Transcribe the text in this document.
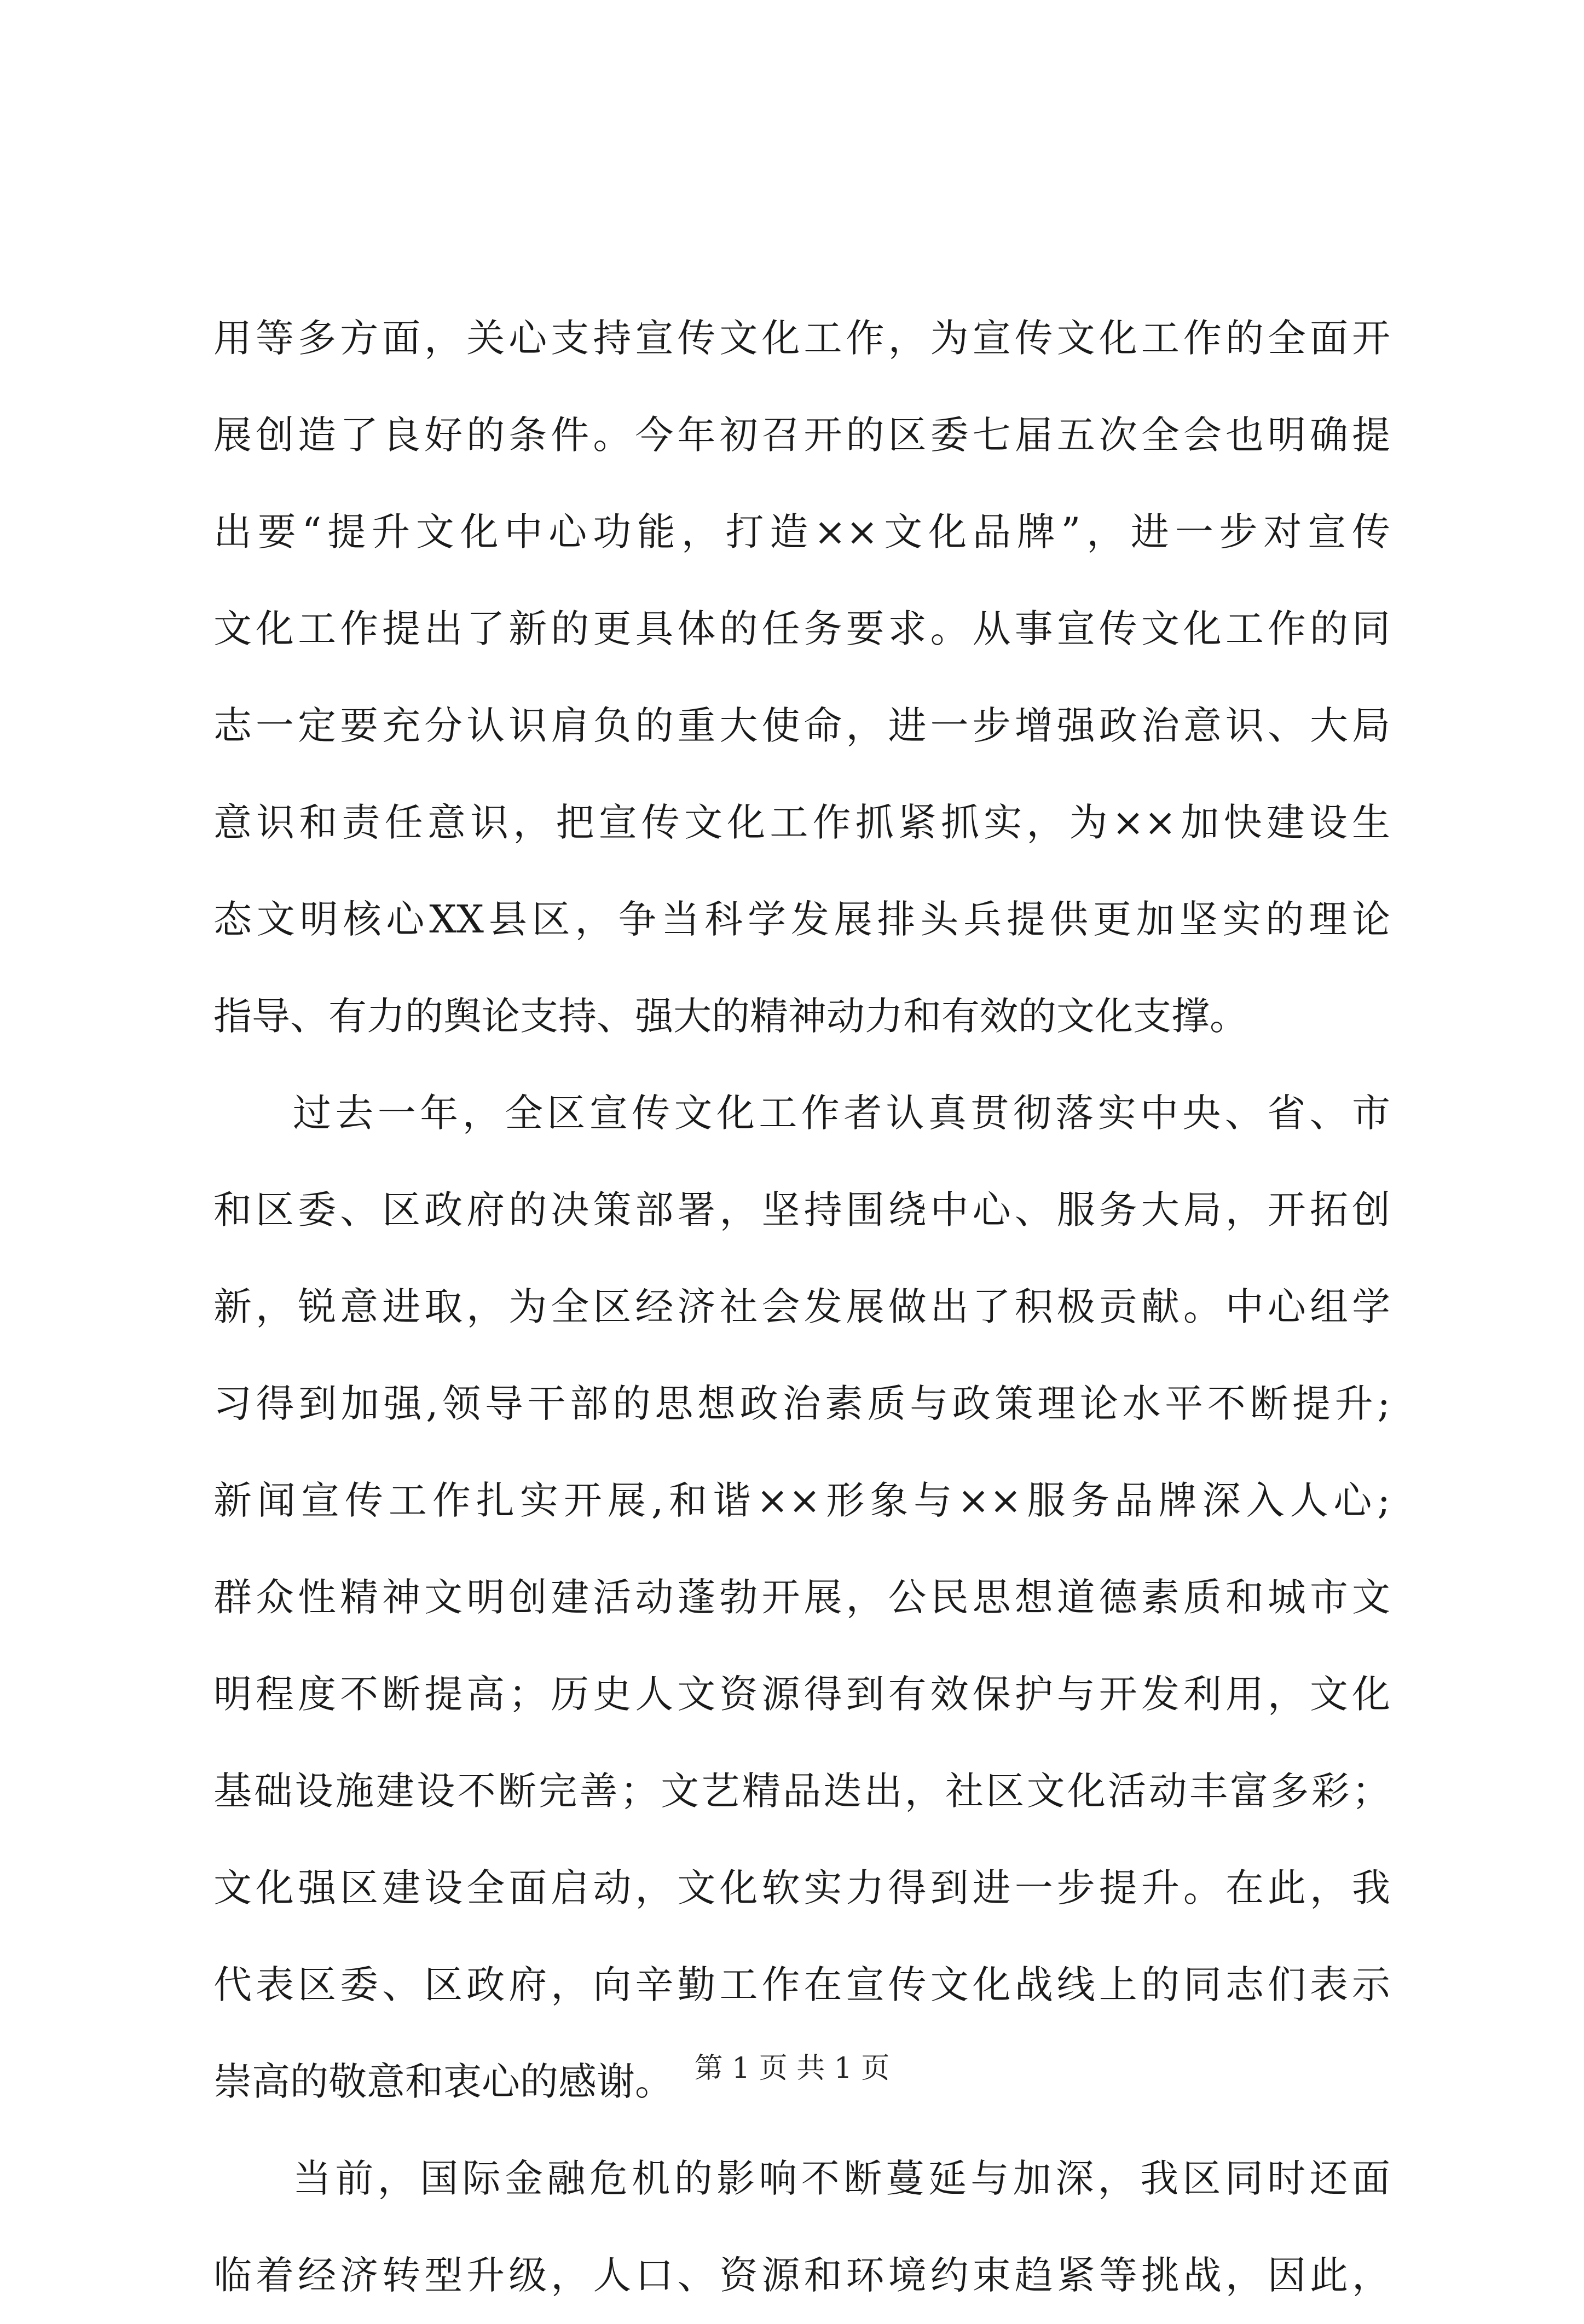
用等多方面，关心支持宣传文化工作，为宣传文化工作的全面开
展创造了良好的条件。今年初召开的区委七届五次全会也明确提
出要“提升文化中心功能，打造××文化品牌”，进一步对宣传
文化工作提出了新的更具体的任务要求。从事宣传文化工作的同
志一定要充分认识肩负的重大使命，进一步增强政治意识、大局
意识和责任意识，把宣传文化工作抓紧抓实，为××加快建设生
态文明核心XX县区，争当科学发展排头兵提供更加坚实的理论
指导、有力的舆论支持、强大的精神动力和有效的文化支撑。
过去一年，全区宣传文化工作者认真贯彻落实中央、省、市
和区委、区政府的决策部署，坚持围绕中心、服务大局，开拓创
新，锐意进取，为全区经济社会发展做出了积极贡献。中心组学
习得到加强,领导干部的思想政治素质与政策理论水平不断提升;
新闻宣传工作扎实开展,和谐××形象与××服务品牌深入人心;
群众性精神文明创建活动蓬勃开展，公民思想道德素质和城市文
明程度不断提高；历史人文资源得到有效保护与开发利用，文化
基础设施建设不断完善；文艺精品迭出，社区文化活动丰富多彩；
文化强区建设全面启动，文化软实力得到进一步提升。在此，我
代表区委、区政府，向辛勤工作在宣传文化战线上的同志们表示
崇高的敬意和衷心的感谢。
当前，国际金融危机的影响不断蔓延与加深，我区同时还面
临着经济转型升级，人口、资源和环境约束趋紧等挑战，因此，
第 1 页 共 1 页
